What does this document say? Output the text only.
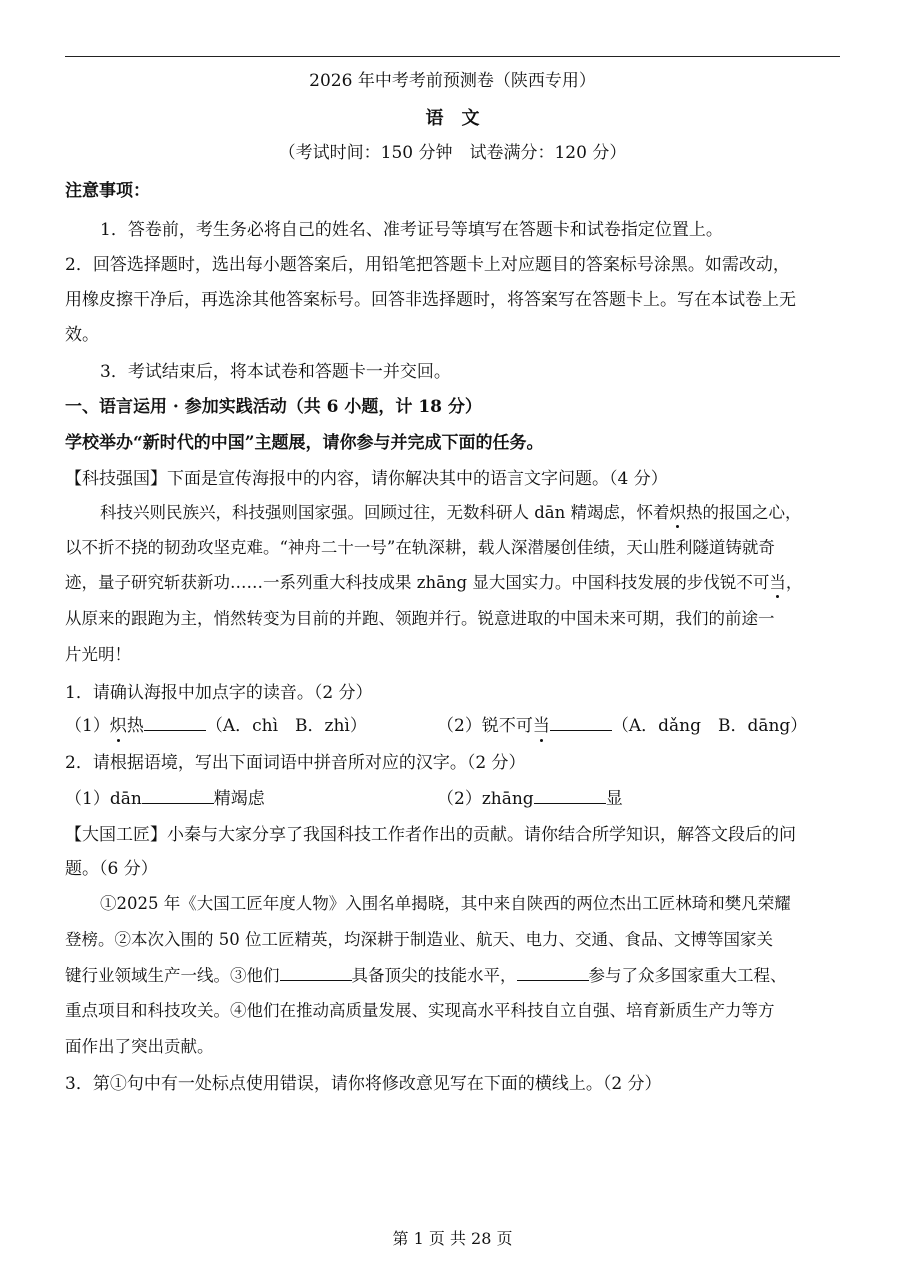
2026 年中考考前预测卷（陕西专用）
语　文
（考试时间：150 分钟　试卷满分：120 分）
注意事项：
1．答卷前，考生务必将自己的姓名、准考证号等填写在答题卡和试卷指定位置上。
2．回答选择题时，选出每小题答案后，用铅笔把答题卡上对应题目的答案标号涂黑。如需改动，
用橡皮擦干净后，再选涂其他答案标号。回答非选择题时，将答案写在答题卡上。写在本试卷上无
效。
3．考试结束后，将本试卷和答题卡一并交回。
一、语言运用 · 参加实践活动（共 6 小题，计 18 分）
学校举办“新时代的中国”主题展，请你参与并完成下面的任务。
【科技强国】下面是宣传海报中的内容，请你解决其中的语言文字问题。（4 分）
科技兴则民族兴，科技强则国家强。回顾过往，无数科研人 dān 精竭虑，怀着炽热的报国之心，
以不折不挠的韧劲攻坚克难。“神舟二十一号”在轨深耕，载人深潜屡创佳绩，天山胜利隧道铸就奇
迹，量子研究斩获新功……一系列重大科技成果 zhāng 显大国实力。中国科技发展的步伐锐不可当，
从原来的跟跑为主，悄然转变为目前的并跑、领跑并行。锐意进取的中国未来可期，我们的前途一
片光明！
1．请确认海报中加点字的读音。（2 分）
（1）炽热	（A．chì　B．zhì）	（2）锐不可当	（A．dǎng　B．dāng）
2．请根据语境，写出下面词语中拼音所对应的汉字。（2 分）
（1）dān	精竭虑	（2）zhāng	显
【大国工匠】小秦与大家分享了我国科技工作者作出的贡献。请你结合所学知识，解答文段后的问
题。（6 分）
①2025 年《大国工匠年度人物》入围名单揭晓，其中来自陕西的两位杰出工匠林琦和樊凡荣耀
登榜。②本次入围的 50 位工匠精英，均深耕于制造业、航天、电力、交通、食品、文博等国家关
键行业领域生产一线。③他们	具备顶尖的技能水平，	参与了众多国家重大工程、
重点项目和科技攻关。④他们在推动高质量发展、实现高水平科技自立自强、培育新质生产力等方
面作出了突出贡献。
3．第①句中有一处标点使用错误，请你将修改意见写在下面的横线上。（2 分）
第 1 页 共 28 页
